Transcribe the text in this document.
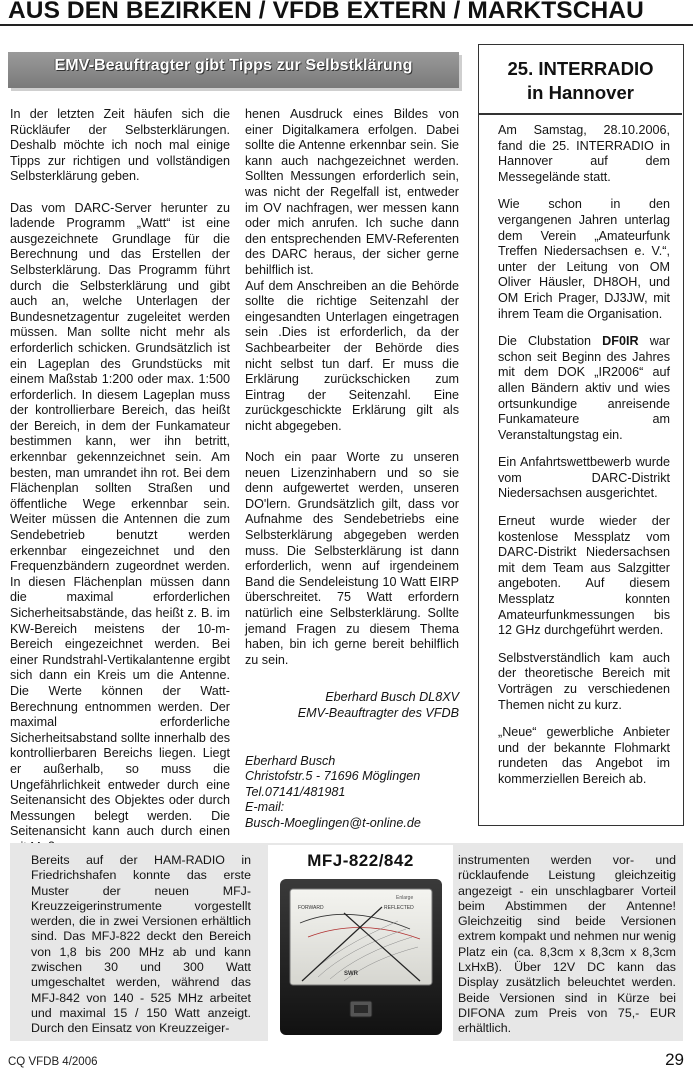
AUS DEN BEZIRKEN / VFDB EXTERN / MARKTSCHAU
EMV-Beauftragter gibt Tipps zur Selbstklärung

In der letzten Zeit häufen sich die Rückläufer der Selbsterklärungen. Deshalb möchte ich noch mal einige Tipps zur richtigen und vollständigen Selbsterklärung geben.

Das vom DARC-Server herunter zu ladende Programm „Watt“ ist eine ausgezeichnete Grundlage für die Berechnung und das Erstellen der Selbsterklärung. Das Programm führt durch die Selbsterklärung und gibt auch an, welche Unterlagen der Bundesnetzagentur zugeleitet werden müssen. Man sollte nicht mehr als erforderlich schicken. Grundsätzlich ist ein Lageplan des Grundstücks mit einem Maßstab 1:200 oder max. 1:500 erforderlich. In diesem Lageplan muss der kontrollierbare Bereich, das heißt der Bereich, in dem der Funkamateur bestimmen kann, wer ihn betritt, erkennbar gekennzeichnet sein. Am besten, man umrandet ihn rot. Bei dem Flächenplan sollten Straßen und öffentliche Wege erkennbar sein. Weiter müssen die Antennen die zum Sendebetrieb benutzt werden erkennbar eingezeichnet und den Frequenzbändern zugeordnet werden. In diesen Flächenplan müssen dann die maximal erforderlichen Sicherheitsabstände, das heißt z. B. im KW-Bereich meistens der 10-m-Bereich eingezeichnet werden. Bei einer Rundstrahl-Vertikalantenne ergibt sich dann ein Kreis um die Antenne. Die Werte können der Watt-Berechnung entnommen werden. Der maximal erforderliche Sicherheitsabstand sollte innerhalb des kontrollierbaren Bereichs liegen. Liegt er außerhalb, so muss die Ungefährlichkeit entweder durch eine Seitenansicht des Objektes oder durch Messungen belegt werden. Die Seitenansicht kann auch durch einen

henen Ausdruck eines Bildes von einer Digitalkamera erfolgen. Dabei sollte die Antenne erkennbar sein. Sie kann auch nachgezeichnet werden. Sollten Messungen erforderlich sein, was nicht der Regelfall ist, entweder im OV nachfragen, wer messen kann oder mich anrufen. Ich suche dann den entsprechenden EMV-Referenten des DARC heraus, der sicher gerne behilflich ist.

Auf dem Anschreiben an die Behörde sollte die richtige Seitenzahl der eingesandten Unterlagen eingetragen sein .Dies ist erforderlich, da der Sachbearbeiter der Behörde dies nicht selbst tun darf. Er muss die Erklärung zurückschicken zum Eintrag der Seitenzahl. Eine zurückgeschickte Erklärung gilt als nicht abgegeben.

Noch ein paar Worte zu unseren neuen Lizenzinhabern und so sie denn aufgewertet werden, unseren DO'lern. Grundsätzlich gilt, dass vor Aufnahme des Sendebetriebs eine Selbsterklärung abgegeben werden muss. Die Selbsterklärung ist dann erforderlich, wenn auf irgendeinem Band die Sendeleistung 10 Watt EIRP überschreitet. 75 Watt erfordern natürlich eine Selbsterklärung. Sollte jemand Fragen zu diesem Thema haben, bin ich gerne bereit behilflich zu sein.

Eberhard Busch DL8XV
EMV-Beauftragter des VFDB

Eberhard Busch

Christofstr.5 - 71696 Möglingen

Tel.07141/481981

E-mail:

Busch-Moeglingen@t-online.de

25. INTERRADIO
in Hannover

Am Samstag, 28.10.2006, fand die 25. INTERRADIO in Hannover auf dem Messegelände statt.

Wie schon in den vergangenen Jahren unterlag dem Verein „Amateurfunk Treffen Niedersachsen e. V.“, unter der Leitung von OM Oliver Häusler, DH8OH, und OM Erich Prager, DJ3JW, mit ihrem Team die Organisation.

Die Clubstation DF0IR war schon seit Beginn des Jahres mit dem DOK „IR2006“ auf allen Bändern aktiv und wies ortsunkundige anreisende Funkamateure am Veranstaltungstag ein.

Ein Anfahrtswettbewerb wurde vom DARC-Distrikt Niedersachsen ausgerichtet.

Erneut wurde wieder der kostenlose Messplatz vom DARC-Distrikt Niedersachsen mit dem Team aus Salzgitter angeboten. Auf diesem Messplatz konnten Amateurfunkmessungen bis 12 GHz durchgeführt werden.

Selbstverständlich kam auch der theoretische Bereich mit Vorträgen zu verschiedenen Themen nicht zu kurz.

„Neue“ gewerbliche Anbieter und der bekannte Flohmarkt rundeten das Angebot im kommerziellen Bereich ab.

Bereits auf der HAM-RADIO in Friedrichshafen konnte das erste Muster der neuen MFJ-Kreuzzeigerinstrumente vorgestellt werden, die in zwei Versionen erhältlich sind. Das MFJ-822 deckt den Bereich von 1,8 bis 200 MHz ab und kann zwischen 30 und 300 Watt umgeschaltet werden, während das MFJ-842 von 140 - 525 MHz arbeitet und maximal 15 / 150 Watt anzeigt. Durch den Einsatz von Kreuzzeiger-
MFJ-822/842
Enlarge
FORWARD	REFLECTED
SWR
instrumenten werden vor- und rücklaufende Leistung gleichzeitig angezeigt - ein unschlagbarer Vorteil beim Abstimmen der Antenne! Gleichzeitig sind beide Versionen extrem kompakt und nehmen nur wenig Platz ein (ca. 8,3cm x 8,3cm x 8,3cm LxHxB). Über 12V DC kann das Display zusätzlich beleuchtet werden. Beide Versionen sind in Kürze bei DIFONA zum Preis von 75,- EUR erhältlich.
CQ VFDB 4/2006	29
